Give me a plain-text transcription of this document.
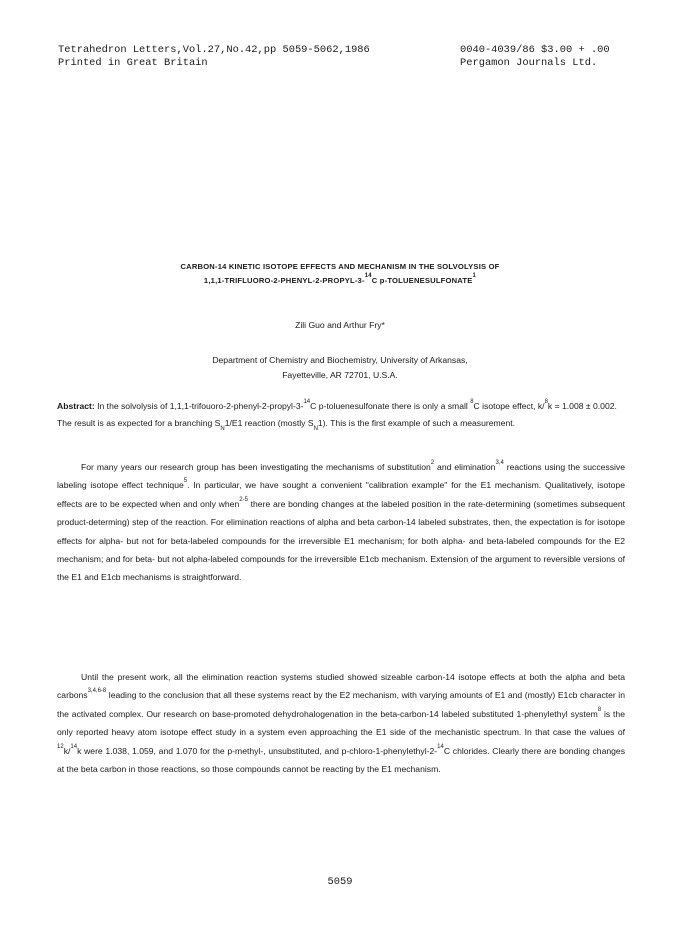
Tetrahedron Letters,Vol.27,No.42,pp 5059-5062,1986	0040-4039/86 $3.00 + .00
Printed in Great Britain	Pergamon Journals Ltd.
CARBON-14 KINETIC ISOTOPE EFFECTS AND MECHANISM IN THE SOLVOLYSIS OF
1,1,1-TRIFLUORO-2-PHENYL-2-PROPYL-3-$^{14}$C p-TOLUENESULFONATE$^1$
Zili Guo and Arthur Fry*
Department of Chemistry and Biochemistry, University of Arkansas,
Fayetteville, AR 72701, U.S.A.
Abstract: In the solvolysis of 1,1,1-trifouoro-2-phenyl-2-propyl-3-$^{14}$C p-toluenesulfonate there is only a small $^8$C isotope effect, k/$^8$k = 1.008 ± 0.002. The result is as expected for a branching $S_N1/E1$ reaction (mostly $S_N1$). This is the first example of such a measurement.

For many years our research group has been investigating the mechanisms of substitution$^2$ and elimination$^{3,4}$ reactions using the successive labeling isotope effect technique$^5$. In particular, we have sought a convenient "calibration example" for the E1 mechanism. Qualitatively, isotope effects are to be expected when and only when$^{2-5}$ there are bonding changes at the labeled position in the rate-determining (sometimes subsequent product-determing) step of the reaction. For elimination reactions of alpha and beta carbon-14 labeled substrates, then, the expectation is for isotope effects for alpha- but not for beta-labeled compounds for the irreversible E1 mechanism; for both alpha- and beta-labeled compounds for the E2 mechanism; and for beta- but not alpha-labeled compounds for the irreversible E1cb mechanism. Extension of the argument to reversible versions of the E1 and E1cb mechanisms is straightforward.

Until the present work, all the elimination reaction systems studied showed sizeable carbon-14 isotope effects at both the alpha and beta carbons$^{3,4,6-8}$ leading to the conclusion that all these systems react by the E2 mechanism, with varying amounts of E1 and (mostly) E1cb character in the activated complex. Our research on base-promoted dehydrohalogenation in the beta-carbon-14 labeled substituted 1-phenylethyl system$^8$ is the only reported heavy atom isotope effect study in a system even approaching the E1 side of the mechanistic spectrum. In that case the values of $^{12}$k/$^{14}$k were 1.038, 1.059, and 1.070 for the p-methyl-, unsubstituted, and p-chloro-1-phenylethyl-2-$^{14}$C chlorides. Clearly there are bonding changes at the beta carbon in those reactions, so those compounds cannot be reacting by the E1 mechanism.

5059
